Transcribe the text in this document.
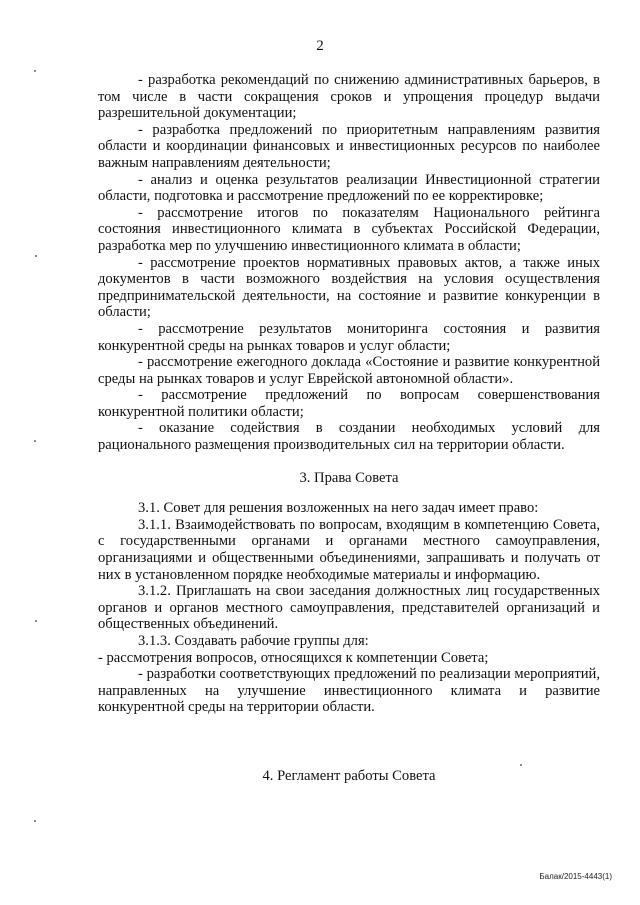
2

- разработка рекомендаций по снижению административных барьеров, в том числе в части сокращения сроков и упрощения процедур выдачи разрешительной документации;

- разработка предложений по приоритетным направлениям развития области и координации финансовых и инвестиционных ресурсов по наиболее важным направлениям деятельности;

- анализ и оценка результатов реализации Инвестиционной стратегии области, подготовка и рассмотрение предложений по ее корректировке;

- рассмотрение итогов по показателям Национального рейтинга состояния инвестиционного климата в субъектах Российской Федерации, разработка мер по улучшению инвестиционного климата в области;

- рассмотрение проектов нормативных правовых актов, а также иных документов в части возможного воздействия на условия осуществления предпринимательской деятельности, на состояние и развитие конкуренции в области;

- рассмотрение результатов мониторинга состояния и развития конкурентной среды на рынках товаров и услуг области;

- рассмотрение ежегодного доклада «Состояние и развитие конкурентной среды на рынках товаров и услуг Еврейской автономной области».

- рассмотрение предложений по вопросам совершенствования конкурентной политики области;

- оказание содействия в создании необходимых условий для рационального размещения производительных сил на территории области.

3. Права Совета

3.1. Совет для решения возложенных на него задач имеет право:

3.1.1. Взаимодействовать по вопросам, входящим в компетенцию Совета, с государственными органами и органами местного самоуправления, организациями и общественными объединениями, запрашивать и получать от них в установленном порядке необходимые материалы и информацию.

3.1.2. Приглашать на свои заседания должностных лиц государственных органов и органов местного самоуправления, представителей организаций и общественных объединений.

3.1.3. Создавать рабочие группы для:

- рассмотрения вопросов, относящихся к компетенции Совета;

- разработки соответствующих предложений по реализации мероприятий, направленных на улучшение инвестиционного климата и развитие конкурентной среды на территории области.

4. Регламент работы Совета

Балак/2015-4443(1)
